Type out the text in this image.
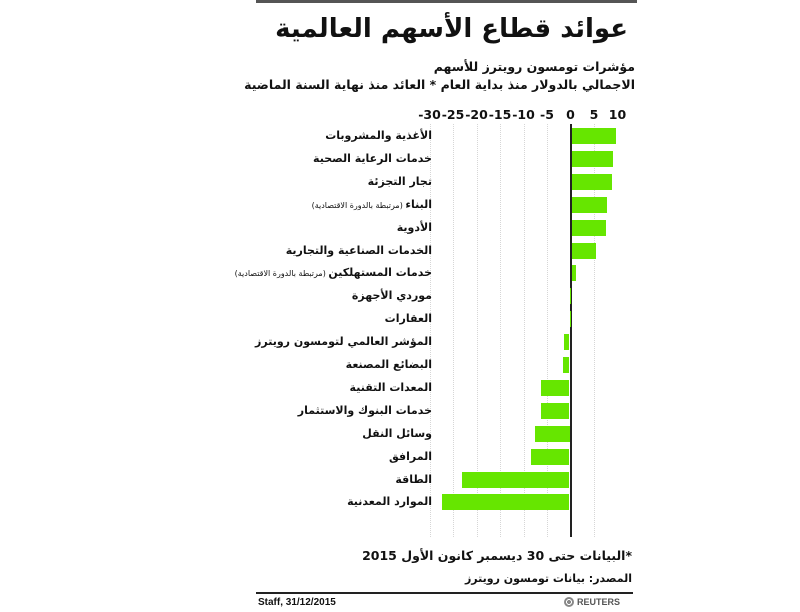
عوائد قطاع الأسهم العالمية
مؤشرات تومسون رويترز للأسهم
الاجمالي بالدولار منذ بداية العام * العائد منذ نهاية السنة الماضية
-30 -25 -20 -15 -10 -5 0 5 10
الأغذية والمشروبات
خدمات الرعاية الصحية
تجار التجزئة
البناء (مرتبطة بالدورة الاقتصادية)
الأدوية
الخدمات الصناعية والتجارية
خدمات المستهلكين (مرتبطة بالدورة الاقتصادية)
موردي الأجهزة
العقارات
المؤشر العالمي لتومسون رويترز
البضائع المصنعة
المعدات التقنية
خدمات البنوك والاستثمار
وسائل النقل
المرافق
الطاقة
الموارد المعدنية
*البيانات حتى 30 ديسمبر كانون الأول 2015
المصدر: بيانات تومسون رويترز
Staff, 31/12/2015	REUTERS
